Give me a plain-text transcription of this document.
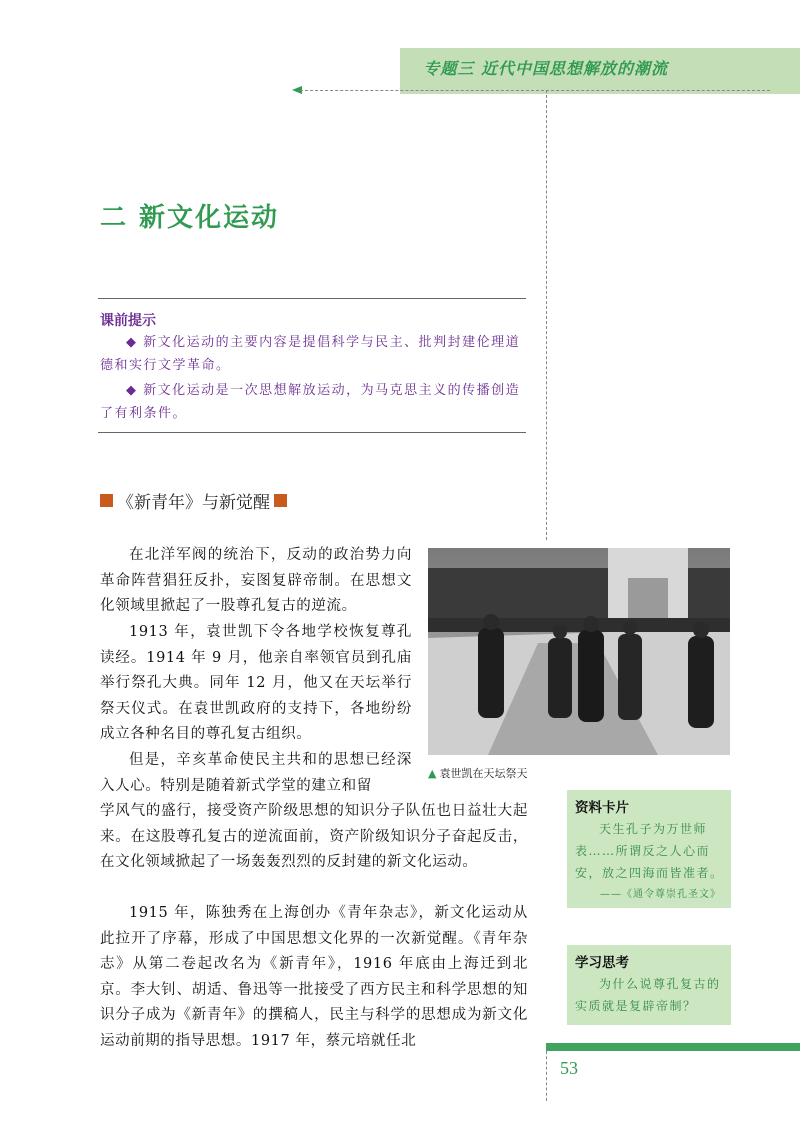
专题三 近代中国思想解放的潮流
二 新文化运动
课前提示
◆ 新文化运动的主要内容是提倡科学与民主、批判封建伦理道德和实行文学革命。
◆ 新文化运动是一次思想解放运动，为马克思主义的传播创造了有利条件。
《新青年》与新觉醒
在北洋军阀的统治下，反动的政治势力向革命阵营猖狂反扑，妄图复辟帝制。在思想文化领域里掀起了一股尊孔复古的逆流。
1913 年，袁世凯下令各地学校恢复尊孔读经。1914 年 9 月，他亲自率领官员到孔庙举行祭孔大典。同年 12 月，他又在天坛举行祭天仪式。在袁世凯政府的支持下，各地纷纷成立各种名目的尊孔复古组织。
但是，辛亥革命使民主共和的思想已经深入人心。特别是随着新式学堂的建立和留
学风气的盛行，接受资产阶级思想的知识分子队伍也日益壮大起来。在这股尊孔复古的逆流面前，资产阶级知识分子奋起反击，在文化领域掀起了一场轰轰烈烈的反封建的新文化运动。
1915 年，陈独秀在上海创办《青年杂志》，新文化运动从此拉开了序幕，形成了中国思想文化界的一次新觉醒。《青年杂志》从第二卷起改名为《新青年》，1916 年底由上海迁到北京。李大钊、胡适、鲁迅等一批接受了西方民主和科学思想的知识分子成为《新青年》的撰稿人，民主与科学的思想成为新文化运动前期的指导思想。1917 年，蔡元培就任北
▲ 袁世凯在天坛祭天
资料卡片
天生孔子为万世师表……所谓反之人心而安，放之四海而皆准者。
——《通令尊崇孔圣文》
学习思考
为什么说尊孔复古的实质就是复辟帝制？
53
